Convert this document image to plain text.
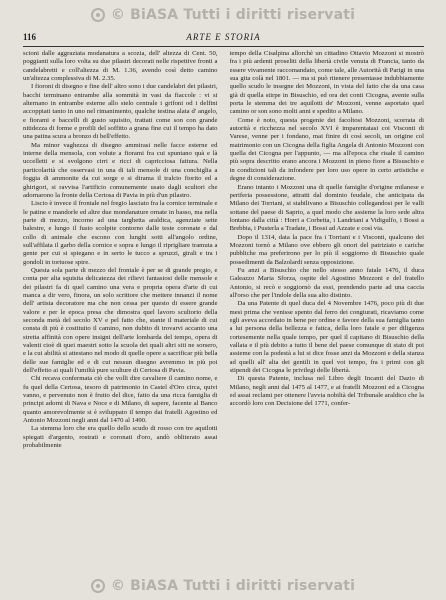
© BiASA Tutti i diritti riservati
116	ARTE E STORIA

scioni dalle aggraziata modanatura a scozia, dell' altezza di Cent. 50, poggianti sulla loro volta su due pilastri decorati nelle rispettive fronti a candelabretti e coll'altezza di M. 1.36, avendo così detto camino un'altezza complessiva di M. 2.35.

I fioroni di disegno e fine dell' altro sono i due candelabri dei pilastri, bacchi terminano entrambe alla sommità in vasi da fiaccole : vi si alternano in entrambe esterne allo stelo centrale i grifoni od i delfini accoppiati tanto in uno nel rimanimento, qualche testina alata d' angelo, e fiorami e baccelli di gusto squisito, trattati come son con grande nitidezza di forme e profili del soffitto a grana fine cui il tempo ha dato una patina scura a bronzo di bell'effetto.

Ma minor vaghezza di disegno ammirasi nelle facce esterne ed interne della mensola, con volute a fiorami fra cui spuntano quà e là uccelletti e si svolgono cirri e ricci di capricciosa fattura. Nella particolarità che osservasi in una di tali mensole di una conchiglia a foggia di ammonite da cui sorge e si dirama il tralcio fiorito ed a ghirigori, si ravvisa l'artificio comunemente usato dagli scultori che adornarono la fronte della Certosa di Pavia in più d'un pilastro.

Liscio è invece il frontale nel fregio lasciato fra la cornice terminale e le patine e mandorle ed altre due mondanature ornate in basso, ma nella parte di mezzo, incorno ad una targhetta araldica, agenziate sette balestre, e lungo il fusto scolpite contorno dalle teste coronate e dal collo di animale che escono con lunghi sotti all'angolo ordine, sull'affilata il garbo della cornice e sopra e lungo il riprigliare tramuta a gente per cui si spiegano e in serto le tucco a spruzzi, girali e tra i gondoli in tortuose spire.

Questa sola parte di mezzo del frontale è per se di grande pregio, e conta per alta squisita delicatezza dei rilievi fantasiosi delle mensole e dei pilastri fa di quel camino una vera e propria opera d'arte di cui manca a dir vero, finora, un solo scrittore che mettere innanzi il nome dell' artista decoratore ma che non cessa per questo di essere grande valore e per le epoca presa che dimostra quel lavoro scultorio della seconda metà del secolo XV e pel fatto che, stante il materiale di cui consta di più è costituito il camino, non dubito di trovarvi accanto una stretta affinità con opere insigni dell'arte lombarda del tempo, opera di valenti cioè di quei maestri sotto la scuola dei quali altri siti ne sorsero, e la cui abilità si attestano nel modo di quelle opere a sacrificar più bella delle sue famiglie ed e di cui nessun disegno avremmo in più poi dell'effetto ai quali l'umiltà pure sculture di Certosa di Pavia.

Chi recava confermata ciò che volli dire cavaliere il camino nome, e fu quel della Certosa, tesoro di patrimonio in Castel d'Oro circa, quivi vanno, e pervenuto non è frutto del dice, fatto da una ricca famiglia di principi adorni di Nava e Noce e di Milano, di sapere, facente al Banco quanto amorevolmente si è sviluppato il tempo dai fratelli Agostino ed Antonio Mozzoni negli anni dal 1470 al 1490.

La stemma loro che era quello dello scudo di rosso con tre aquilotti spiegati d'argento, rostrati e coronati d'oro, andò obliterato assai probabilmente

tempo della Cisalpina allorchè un cittadino Ottavio Mozzoni si mostrò fra i più ardenti proseliti della libertà civile venuta di Francia, tanto da essere vivamente raccomandato, come tale, alle Autorità di Parigi in una sua gita colà nel 1801. — ma si può ritenere presentasse indubbiamente quello scudo le insegne dei Mozzoni, in vista del fatto che da una casa già di quella stirpe in Bisuschio, ed ora dei conti Cicogna, avente sulla porta le stemma dei tre aquilotti de' Mozzoni, venne asportato quel camino or son sono molti anni e spedito a Milano.

Come è noto, questa progenie dei facoltosi Mozzoni, scorrata di autorità e ricchezza nel secolo XVI è imparentatasi coi Visconti di Varese, venne per i fondano, mai finire di così secoli, un origine col matrimonio con un Cicogna della figlia Angela di Antonio Mozzoni con quella dei Cicogna per l'appunto, — ma all'epoca che risale il camino più sopra descritto erano ancora i Mozzoni in pieno fiore a Bisuschio e in condizioni tali da infondere per loro uso opere in certo artistiche e degne di considerazione.

Erano intanto i Mozzoni una di quelle famiglie d'origine milanese e periferia possessione, attratti dal dominio feudale, che anticipata da Milano dei Torriani, si stabilivano a Bisuschio collegandosi per le valli sottane del paese di Saprio, a quel modo che assieme la loro sede altra lontano dalla città : Horri a Corbetta, i Landriani a Vidigulfo, i Bossi a Brebbia, i Pusterla a Tradate, i Bossi ad Azzate e così via.

Dopo il 1314, data la pace fra i Torriani e i Visconti, qualcuno dei Mozzoni tornò a Milano ove ebbero gli onori del patriziato e cariche pubbliche ma preferirono per lo più il soggiorno di Bisuschio quale possedimenti da Balzolardi senza opposizione.

Fu anzi a Bisuschio che nello stesso anno fatale 1476, il duca Galeazzo Maria Sforza, ospite del Agostino Mozzoni e del fratello Antonio, si recò e soggiornò da essi, prendendo parte ad una caccia all'orso che per l'indole della sua alto distinto.

Da una Patente di quel duca del 4 Novembre 1476, poco più di due mesi prima che venisse spento dal ferro dei congiurati, ricaviamo come egli aveva accordato in bene per ordine e favore della sua famiglia tanto a lui persona della bellezza e fatica, della loro fatale e per diligenza cortesemente nella quale tempo, per quel il capitano di Bisuschio della vallata e il più debito a tutto il bene del paese comunque di stato di poi assieme con la podestà a lui si dice fosse anzi da Mozzoni e della stanza ad quelli all' alta dei gentili in quel voi tempo, fra i primi con gli stipendi dei Cicogna le privilegi delle libertà.

Di questa Patente, inclusa nel Libro degli Incanti del Dazio di Milano, negli anni dal 1475 al 1477, e ai fratelli Mozzoni ed a Cicogna ed assai reclami per ottenere l'avvia nobiltà del Tribunale araldico che la accordò loro con Decisione del 1771, confer-

© BiASA Tutti i diritti riservati
